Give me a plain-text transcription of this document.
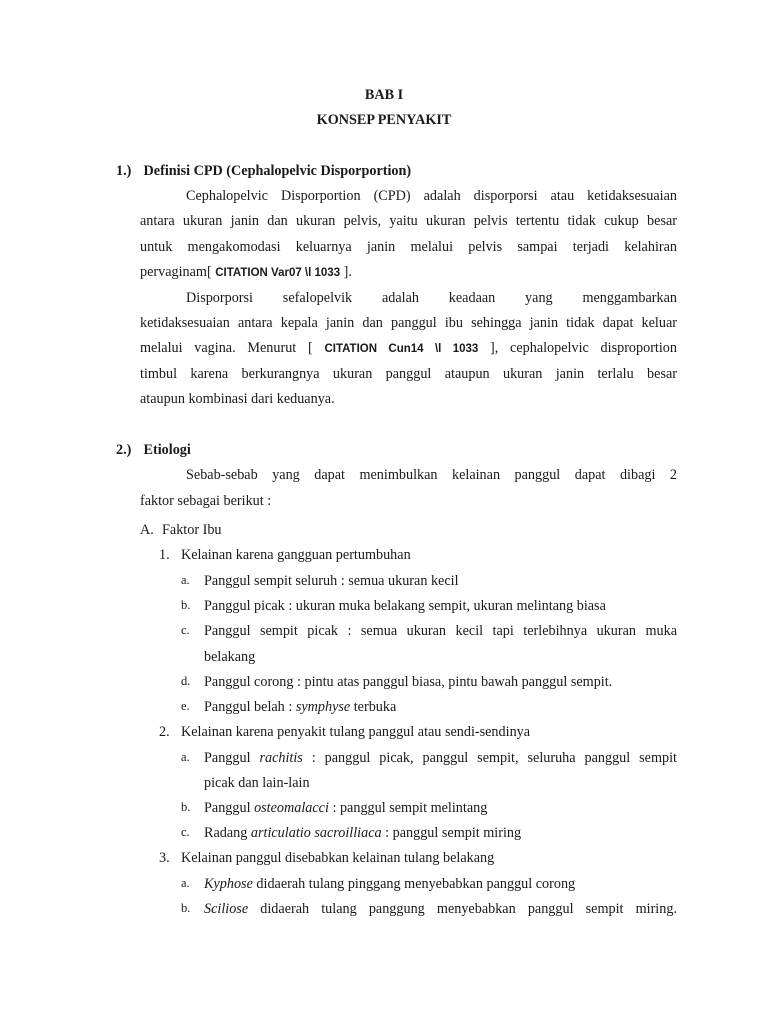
BAB I
KONSEP PENYAKIT
1.) Definisi CPD (Cephalopelvic Disporportion)
Cephalopelvic Disporportion (CPD) adalah disporporsi atau ketidaksesuaian
antara ukuran janin dan ukuran pelvis, yaitu ukuran pelvis tertentu tidak cukup besar
untuk mengakomodasi keluarnya janin melalui pelvis sampai terjadi kelahiran
pervaginam[ CITATION Var07 \l 1033 ].
Disporporsi sefalopelvik adalah keadaan yang menggambarkan
ketidaksesuaian antara kepala janin dan panggul ibu sehingga janin tidak dapat keluar
melalui vagina. Menurut [ CITATION Cun14 \l 1033 ], cephalopelvic disproportion
timbul karena berkurangnya ukuran panggul ataupun ukuran janin terlalu besar
ataupun kombinasi dari keduanya.
2.) Etiologi
Sebab-sebab yang dapat menimbulkan kelainan panggul dapat dibagi 2
faktor sebagai berikut :
A. Faktor Ibu
1. Kelainan karena gangguan pertumbuhan
a. Panggul sempit seluruh : semua ukuran kecil
b. Panggul picak : ukuran muka belakang sempit, ukuran melintang biasa
c. Panggul sempit picak : semua ukuran kecil tapi terlebihnya ukuran muka
belakang
d. Panggul corong : pintu atas panggul biasa, pintu bawah panggul sempit.
e. Panggul belah : symphyse terbuka
2. Kelainan karena penyakit tulang panggul atau sendi-sendinya
a. Panggul rachitis : panggul picak, panggul sempit, seluruha panggul sempit
picak dan lain-lain
b. Panggul osteomalacci : panggul sempit melintang
c. Radang articulatio sacroilliaca : panggul sempit miring
3. Kelainan panggul disebabkan kelainan tulang belakang
a. Kyphose didaerah tulang pinggang menyebabkan panggul corong
b. Sciliose didaerah tulang panggung menyebabkan panggul sempit miring.
